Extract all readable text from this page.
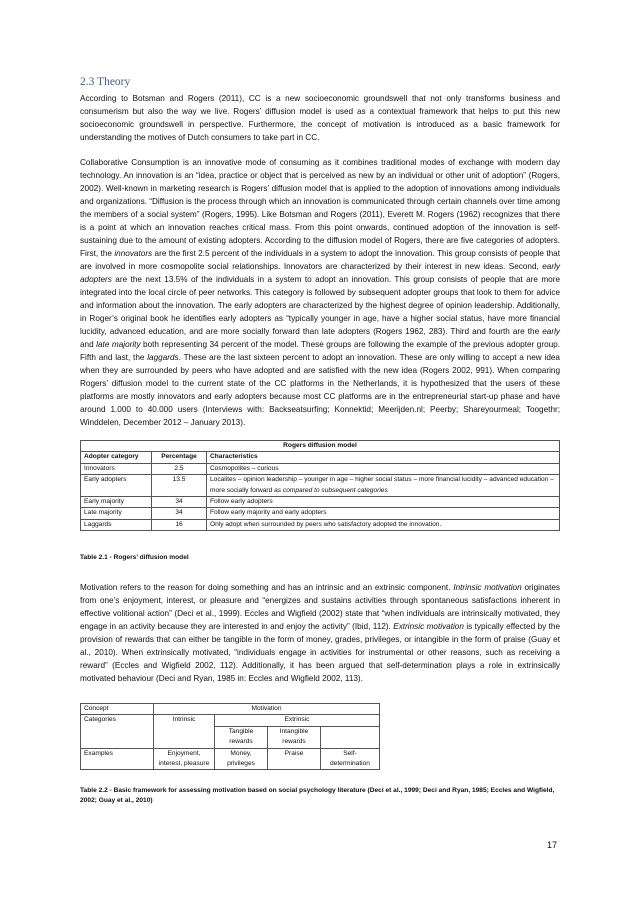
2.3 Theory

According to Botsman and Rogers (2011), CC is a new socioeconomic groundswell that not only transforms business and consumerism but also the way we live. Rogers’ diffusion model is used as a contextual framework that helps to put this new socioeconomic groundswell in perspective. Furthermore, the concept of motivation is introduced as a basic framework for understanding the motives of Dutch consumers to take part in CC.

Collaborative Consumption is an innovative mode of consuming as it combines traditional modes of exchange with modern day technology. An innovation is an “idea, practice or object that is perceived as new by an individual or other unit of adoption” (Rogers, 2002). Well-known in marketing research is Rogers’ diffusion model that is applied to the adoption of innovations among individuals and organizations. “Diffusion is the process through which an innovation is communicated through certain channels over time among the members of a social system” (Rogers, 1995). Like Botsman and Rogers (2011), Everett M. Rogers (1962) recognizes that there is a point at which an innovation reaches critical mass. From this point onwards, continued adoption of the innovation is self-sustaining due to the amount of existing adopters. According to the diffusion model of Rogers, there are five categories of adopters. First, the innovators are the first 2.5 percent of the individuals in a system to adopt the innovation. This group consists of people that are involved in more cosmopolite social relationships. Innovators are characterized by their interest in new ideas. Second, early adopters are the next 13.5% of the individuals in a system to adopt an innovation. This group consists of people that are more integrated into the local circle of peer networks. This category is followed by subsequent adopter groups that look to them for advice and information about the innovation. The early adopters are characterized by the highest degree of opinion leadership. Additionally, in Roger’s original book he identifies early adopters as “typically younger in age, have a higher social status, have more financial lucidity, advanced education, and are more socially forward than late adopters (Rogers 1962, 283). Third and fourth are the early and late majority both representing 34 percent of the model. These groups are following the example of the previous adopter group. Fifth and last, the laggards. These are the last sixteen percent to adopt an innovation. These are only willing to accept a new idea when they are surrounded by peers who have adopted and are satisfied with the new idea (Rogers 2002, 991). When comparing Rogers’ diffusion model to the current state of the CC platforms in the Netherlands, it is hypothesized that the users of these platforms are mostly innovators and early adopters because most CC platforms are in the entrepreneurial start-up phase and have around 1.000 to 40.000 users (Interviews with: Backseatsurfing; Konnektid; Meerijden.nl; Peerby; Shareyourmeal; Toogethr; Winddelen, December 2012 – January 2013).

Rogers diffusion model		
Adopter category	Percentage	Characteristics
Innovators	2.5	Cosmopolites – curious
Early adopters	13.5	Localites – opinion leadership – younger in age – higher social status – more financial lucidity – advanced education – more socially forward as compared to subsequent categories
Early majority	34	Follow early adopters
Late majority	34	Follow early majority and early adopters
Laggards	16	Only adopt when surrounded by peers who satisfactory adopted the innovation.
Table 2.1 - Rogers’ diffusion model

Motivation refers to the reason for doing something and has an intrinsic and an extrinsic component. Intrinsic motivation originates from one’s enjoyment, interest, or pleasure and “energizes and sustains activities through spontaneous satisfactions inherent in effective volitional action” (Deci et al., 1999). Eccles and Wigfield (2002) state that “when individuals are intrinsically motivated, they engage in an activity because they are interested in and enjoy the activity” (Ibid, 112). Extrinsic motivation is typically effected by the provision of rewards that can either be tangible in the form of money, grades, privileges, or intangible in the form of praise (Guay et al., 2010). When extrinsically motivated, “individuals engage in activities for instrumental or other reasons, such as receiving a reward” (Eccles and Wigfield 2002, 112). Additionally, it has been argued that self-determination plays a role in extrinsically motivated behaviour (Deci and Ryan, 1985 in: Eccles and Wigfield 2002, 113).

Concept	Motivation			
Categories	Intrinsic	Extrinsic		
		Tangible rewards	Intangible rewards	
Examples	Enjoyment, interest, pleasure	Money, privileges	Praise	Self-determination
Table 2.2 - Basic framework for assessing motivation based on social psychology literature (Deci et al., 1999; Deci and Ryan, 1985; Eccles and Wigfield, 2002; Guay et al., 2010)
17
